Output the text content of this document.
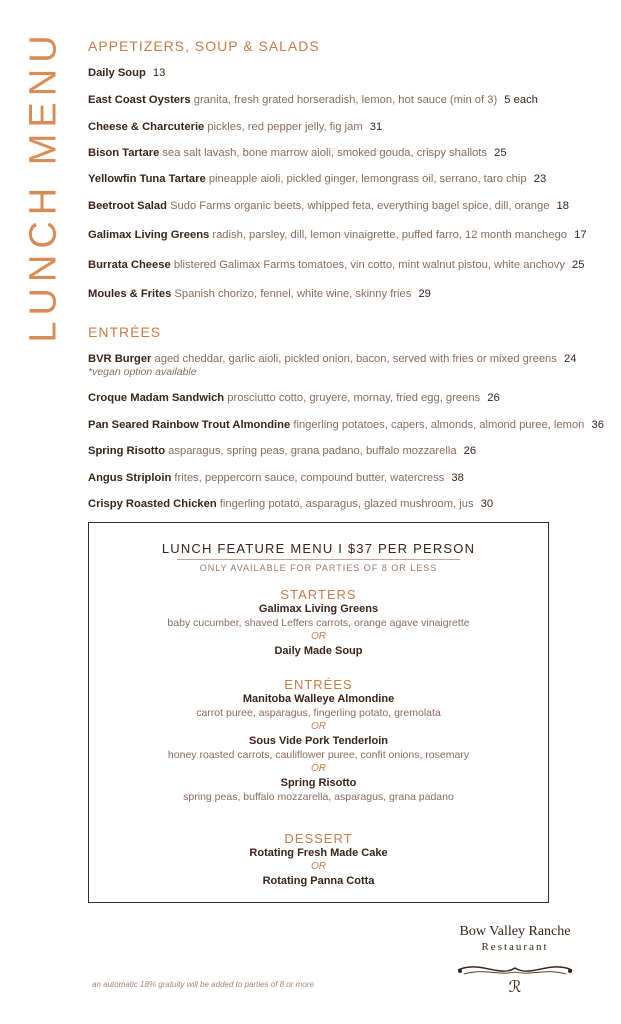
LUNCH MENU APPETIZERS, SOUP & SALADS
Daily Soup 13
East Coast Oysters granita, fresh grated horseradish, lemon, hot sauce (min of 3) 5 each
Cheese & Charcuterie pickles, red pepper jelly, fig jam 31
Bison Tartare sea salt lavash, bone marrow aioli, smoked gouda, crispy shallots 25
Yellowfin Tuna Tartare pineapple aioli, pickled ginger, lemongrass oil, serrano, taro chip 23
Beetroot Salad Sudo Farms organic beets, whipped feta, everything bagel spice, dill, orange 18
Galimax Living Greens radish, parsley, dill, lemon vinaigrette, puffed farro, 12 month manchego 17
Burrata Cheese blistered Galimax Farms tomatoes, vin cotto, mint walnut pistou, white anchovy 25
Moules & Frites Spanish chorizo, fennel, white wine, skinny fries 29
ENTRÉES
BVR Burger aged cheddar, garlic aioli, pickled onion, bacon, served with fries or mixed greens 24
*vegan option available
Croque Madam Sandwich prosciutto cotto, gruyere, mornay, fried egg, greens 26
Pan Seared Rainbow Trout Almondine fingerling potatoes, capers, almonds, almond puree, lemon 36
Spring Risotto asparagus, spring peas, grana padano, buffalo mozzarella 26
Angus Striploin frites, peppercorn sauce, compound butter, watercress 38
Crispy Roasted Chicken fingerling potato, asparagus, glazed mushroom, jus 30
LUNCH FEATURE MENU I $37 PER PERSON
ONLY AVAILABLE FOR PARTIES OF 8 OR LESS
STARTERS
Galimax Living Greens
baby cucumber, shaved Leffers carrots, orange agave vinaigrette
OR
Daily Made Soup
ENTRÉES
Manitoba Walleye Almondine
carrot puree, asparagus, fingerling potato, gremolata
OR
Sous Vide Pork Tenderloin
honey roasted carrots, cauliflower puree, confit onions, rosemary
OR
Spring Risotto
spring peas, buffalo mozzarella, asparagus, grana padano
DESSERT
Rotating Fresh Made Cake
OR
Rotating Panna Cotta
Bow Valley Ranche
Restaurant
ℛ
an automatic 18% gratuity will be added to parties of 8 or more
